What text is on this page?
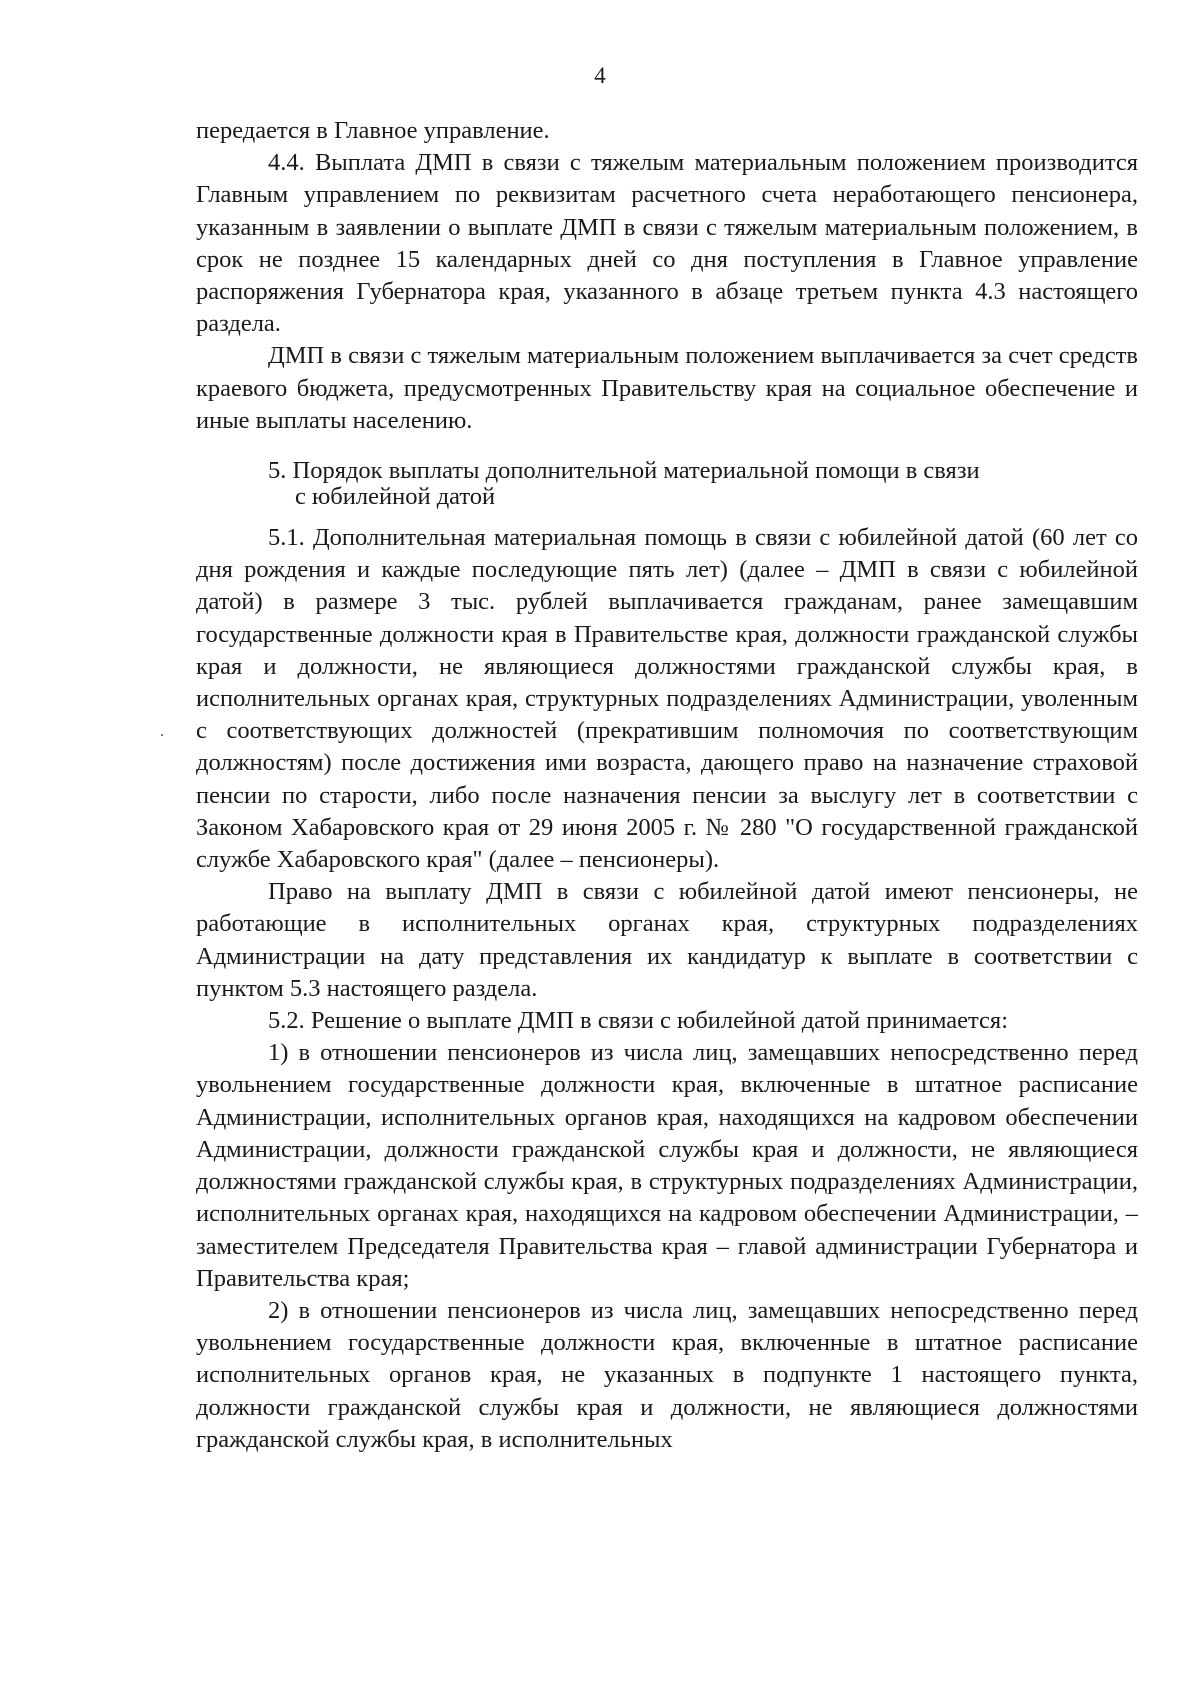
4

передается в Главное управление.

4.4. Выплата ДМП в связи с тяжелым материальным положением производится Главным управлением по реквизитам расчетного счета неработающего пенсионера, указанным в заявлении о выплате ДМП в связи с тяжелым материальным положением, в срок не позднее 15 календарных дней со дня поступления в Главное управление распоряжения Губернатора края, указанного в абзаце третьем пункта 4.3 настоящего раздела.

ДМП в связи с тяжелым материальным положением выплачивается за счет средств краевого бюджета, предусмотренных Правительству края на социальное обеспечение и иные выплаты населению.

5. Порядок выплаты дополнительной материальной помощи в связи
с юбилейной датой

5.1. Дополнительная материальная помощь в связи с юбилейной датой (60 лет со дня рождения и каждые последующие пять лет) (далее – ДМП в связи с юбилейной датой) в размере 3 тыс. рублей выплачивается гражданам, ранее замещавшим государственные должности края в Правительстве края, должности гражданской службы края и должности, не являющиеся должностями гражданской службы края, в исполнительных органах края, структурных подразделениях Администрации, уволенным с соответствующих должностей (прекратившим полномочия по соответствующим должностям) после достижения ими возраста, дающего право на назначение страховой пенсии по старости, либо после назначения пенсии за выслугу лет в соответствии с Законом Хабаровского края от 29 июня 2005 г. № 280 "О государственной гражданской службе Хабаровского края" (далее – пенсионеры).

Право на выплату ДМП в связи с юбилейной датой имеют пенсионеры, не работающие в исполнительных органах края, структурных подразделениях Администрации на дату представления их кандидатур к выплате в соответствии с пунктом 5.3 настоящего раздела.

5.2. Решение о выплате ДМП в связи с юбилейной датой принимается:

1) в отношении пенсионеров из числа лиц, замещавших непосредственно перед увольнением государственные должности края, включенные в штатное расписание Администрации, исполнительных органов края, находящихся на кадровом обеспечении Администрации, должности гражданской службы края и должности, не являющиеся должностями гражданской службы края, в структурных подразделениях Администрации, исполнительных органах края, находящихся на кадровом обеспечении Администрации, – заместителем Председателя Правительства края – главой администрации Губернатора и Правительства края;

2) в отношении пенсионеров из числа лиц, замещавших непосредственно перед увольнением государственные должности края, включенные в штатное расписание исполнительных органов края, не указанных в подпункте 1 настоящего пункта, должности гражданской службы края и должности, не являющиеся должностями гражданской службы края, в исполнительных
